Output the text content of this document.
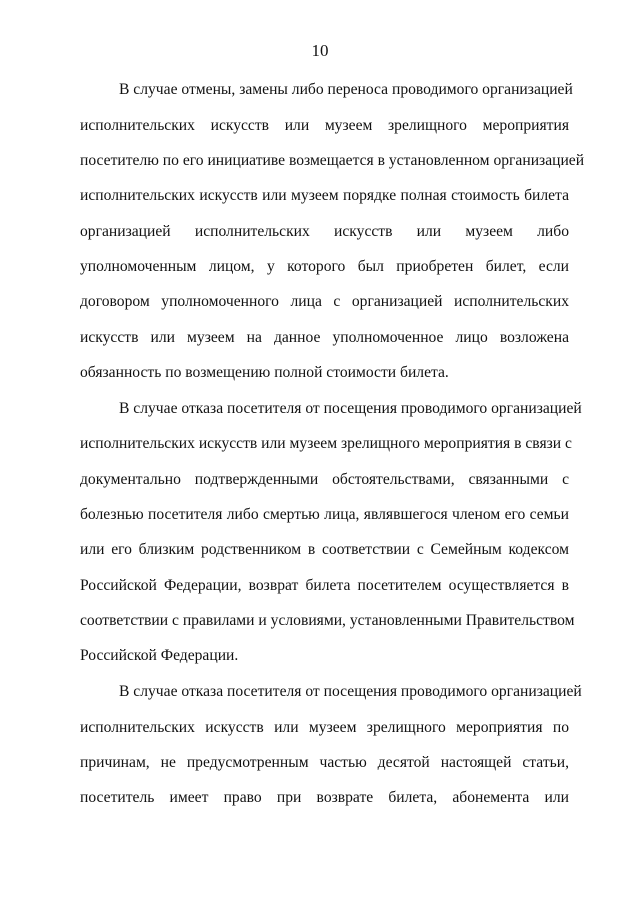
10
В случае отмены, замены либо переноса проводимого организацией
исполнительских искусств или музеем зрелищного мероприятия
посетителю по его инициативе возмещается в установленном организацией
исполнительских искусств или музеем порядке полная стоимость билета
организацией исполнительских искусств или музеем либо
уполномоченным лицом, у которого был приобретен билет, если
договором уполномоченного лица с организацией исполнительских
искусств или музеем на данное уполномоченное лицо возложена
обязанность по возмещению полной стоимости билета.
В случае отказа посетителя от посещения проводимого организацией
исполнительских искусств или музеем зрелищного мероприятия в связи с
документально подтвержденными обстоятельствами, связанными с
болезнью посетителя либо смертью лица, являвшегося членом его семьи
или его близким родственником в соответствии с Семейным кодексом
Российской Федерации, возврат билета посетителем осуществляется в
соответствии с правилами и условиями, установленными Правительством
Российской Федерации.
В случае отказа посетителя от посещения проводимого организацией
исполнительских искусств или музеем зрелищного мероприятия по
причинам, не предусмотренным частью десятой настоящей статьи,
посетитель имеет право при возврате билета, абонемента или
